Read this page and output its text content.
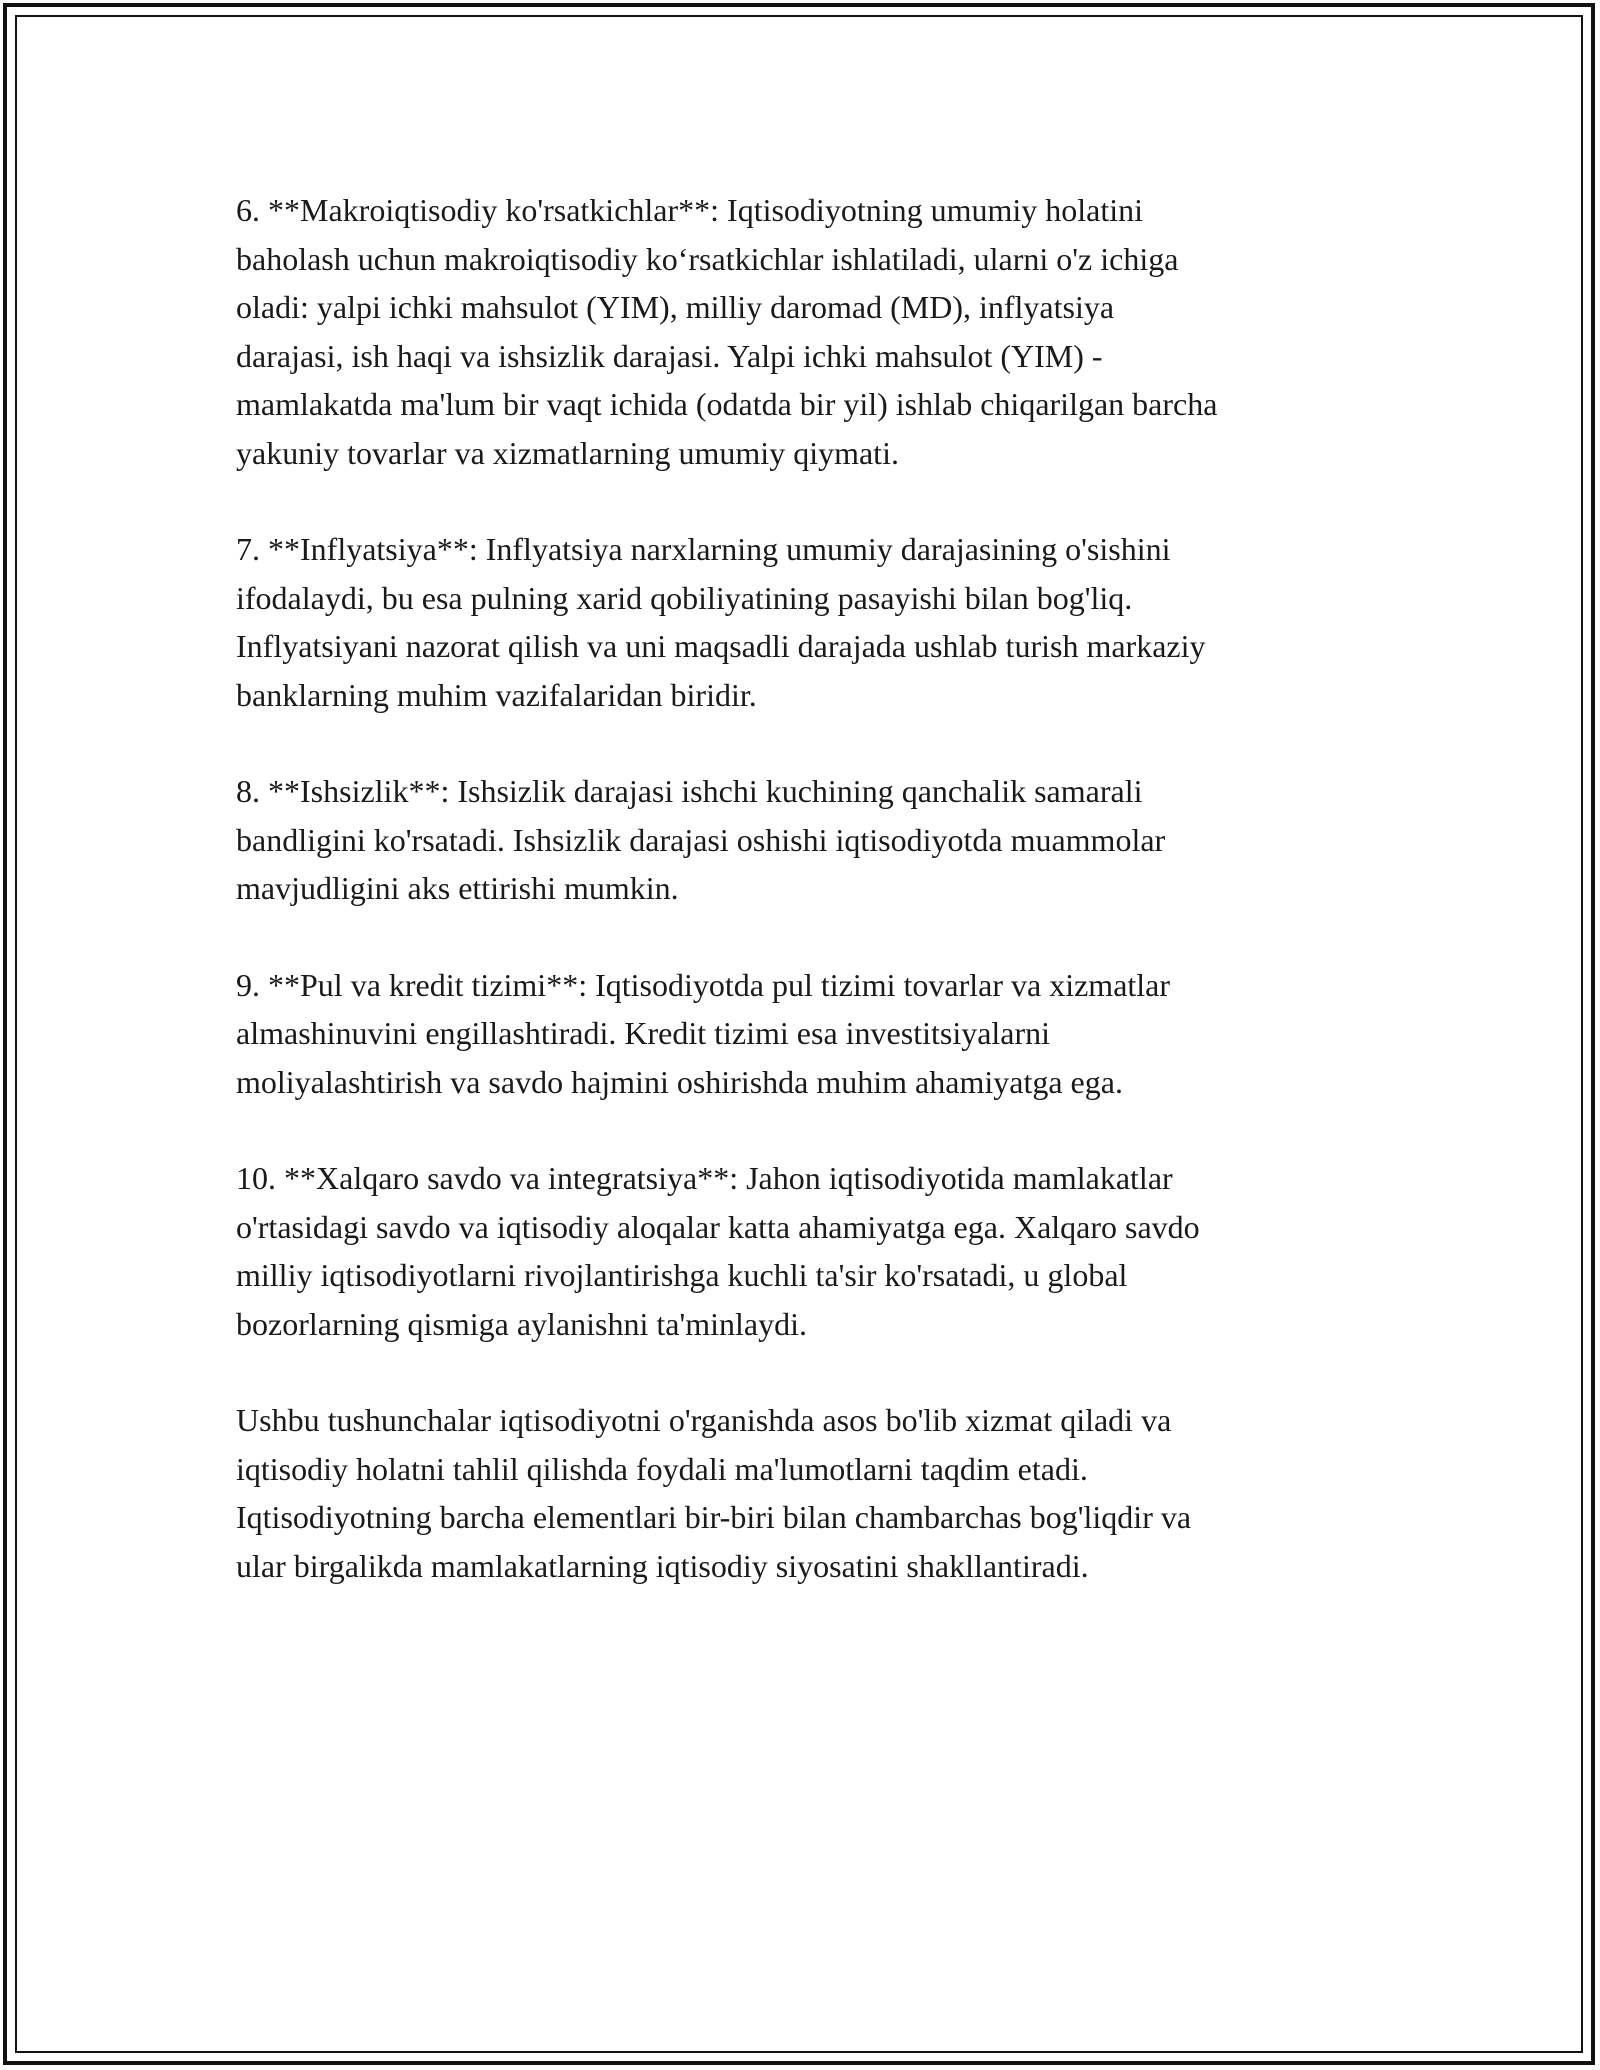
6. **Makroiqtisodiy ko'rsatkichlar**: Iqtisodiyotning umumiy holatini
baholash uchun makroiqtisodiy ko‘rsatkichlar ishlatiladi, ularni o'z ichiga
oladi: yalpi ichki mahsulot (YIM), milliy daromad (MD), inflyatsiya
darajasi, ish haqi va ishsizlik darajasi. Yalpi ichki mahsulot (YIM) -
mamlakatda ma'lum bir vaqt ichida (odatda bir yil) ishlab chiqarilgan barcha
yakuniy tovarlar va xizmatlarning umumiy qiymati.

7. **Inflyatsiya**: Inflyatsiya narxlarning umumiy darajasining o'sishini
ifodalaydi, bu esa pulning xarid qobiliyatining pasayishi bilan bog'liq.
Inflyatsiyani nazorat qilish va uni maqsadli darajada ushlab turish markaziy
banklarning muhim vazifalaridan biridir.

8. **Ishsizlik**: Ishsizlik darajasi ishchi kuchining qanchalik samarali
bandligini ko'rsatadi. Ishsizlik darajasi oshishi iqtisodiyotda muammolar
mavjudligini aks ettirishi mumkin.

9. **Pul va kredit tizimi**: Iqtisodiyotda pul tizimi tovarlar va xizmatlar
almashinuvini engillashtiradi. Kredit tizimi esa investitsiyalarni
moliyalashtirish va savdo hajmini oshirishda muhim ahamiyatga ega.

10. **Xalqaro savdo va integratsiya**: Jahon iqtisodiyotida mamlakatlar
o'rtasidagi savdo va iqtisodiy aloqalar katta ahamiyatga ega. Xalqaro savdo
milliy iqtisodiyotlarni rivojlantirishga kuchli ta'sir ko'rsatadi, u global
bozorlarning qismiga aylanishni ta'minlaydi.

Ushbu tushunchalar iqtisodiyotni o'rganishda asos bo'lib xizmat qiladi va
iqtisodiy holatni tahlil qilishda foydali ma'lumotlarni taqdim etadi.
Iqtisodiyotning barcha elementlari bir-biri bilan chambarchas bog'liqdir va
ular birgalikda mamlakatlarning iqtisodiy siyosatini shakllantiradi.
